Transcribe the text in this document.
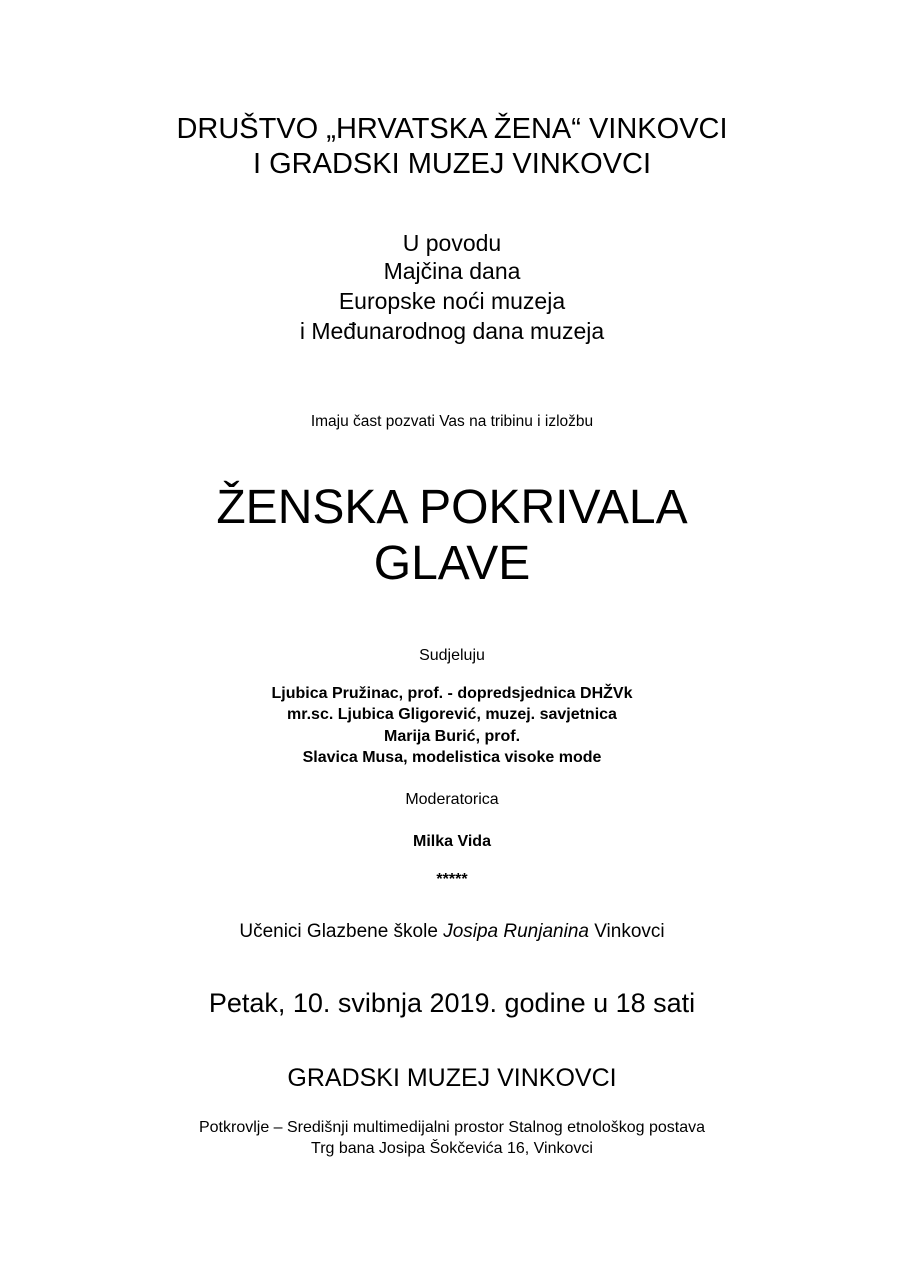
DRUŠTVO „HRVATSKA ŽENA“ VINKOVCI
I GRADSKI MUZEJ VINKOVCI
U povodu
Majčina dana
Europske noći muzeja
i Međunarodnog dana muzeja
Imaju čast pozvati Vas na tribinu i izložbu
ŽENSKA POKRIVALA
GLAVE
Sudjeluju
Ljubica Pružinac, prof. - dopredsjednica DHŽVk
mr.sc. Ljubica Gligorević, muzej. savjetnica
Marija Burić, prof.
Slavica Musa, modelistica visoke mode
Moderatorica
Milka Vida
*****
Učenici Glazbene škole Josipa Runjanina Vinkovci
Petak, 10. svibnja 2019. godine u 18 sati
GRADSKI MUZEJ VINKOVCI
Potkrovlje – Središnji multimedijalni prostor Stalnog etnološkog postava
Trg bana Josipa Šokčevića 16, Vinkovci
